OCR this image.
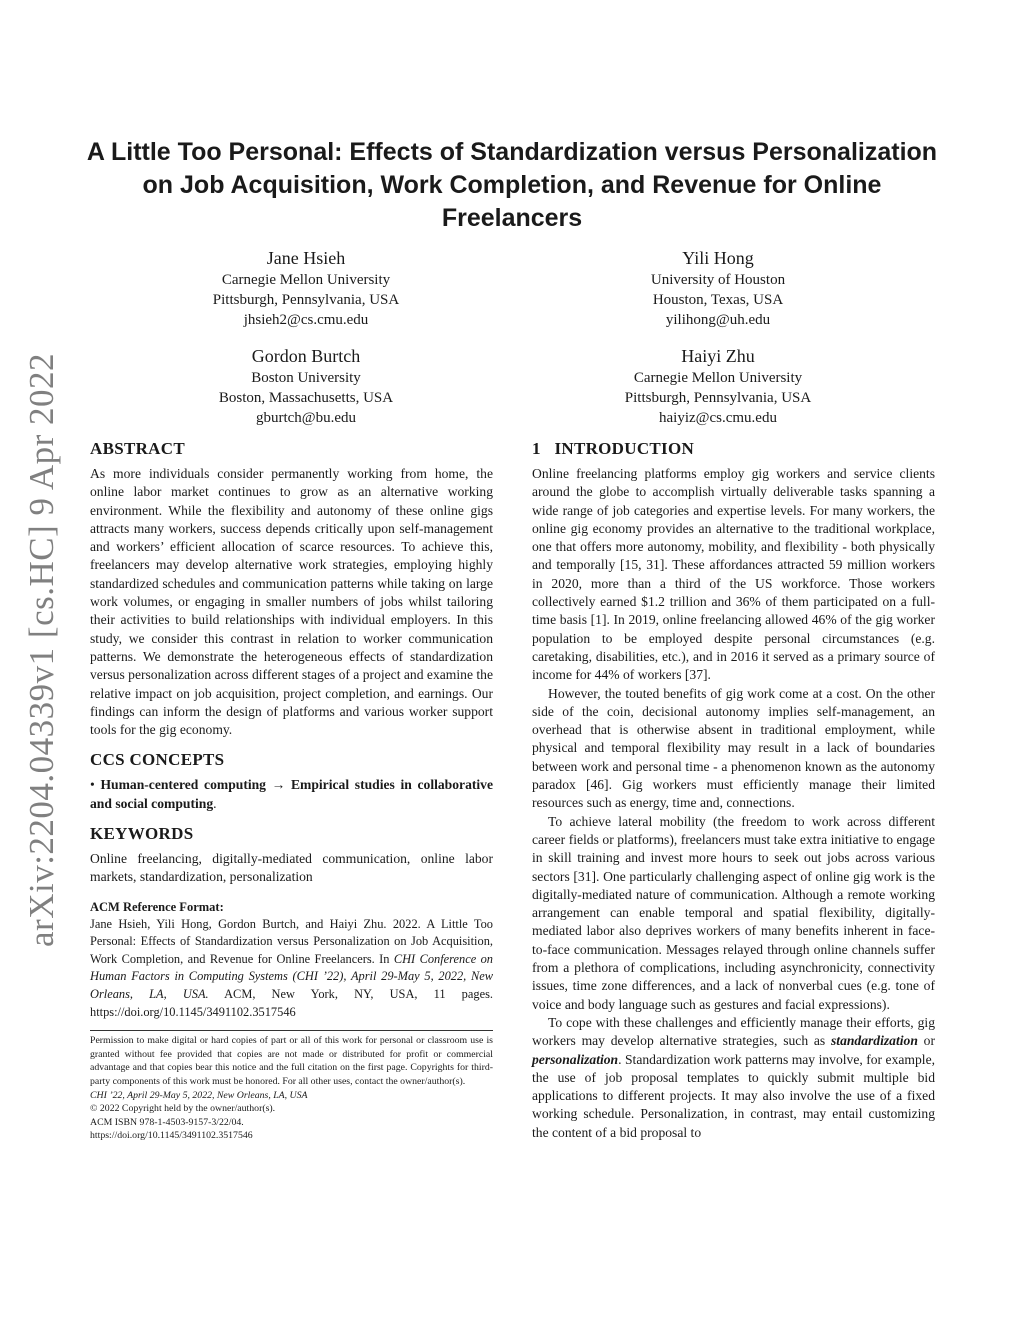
arXiv:2204.04339v1 [cs.HC] 9 Apr 2022
A Little Too Personal: Effects of Standardization versus Personalization on Job Acquisition, Work Completion, and Revenue for Online Freelancers
Jane Hsieh
Carnegie Mellon University
Pittsburgh, Pennsylvania, USA
jhsieh2@cs.cmu.edu
Yili Hong
University of Houston
Houston, Texas, USA
yilihong@uh.edu
Gordon Burtch
Boston University
Boston, Massachusetts, USA
gburtch@bu.edu
Haiyi Zhu
Carnegie Mellon University
Pittsburgh, Pennsylvania, USA
haiyiz@cs.cmu.edu
ABSTRACT

As more individuals consider permanently working from home, the online labor market continues to grow as an alternative working environment. While the flexibility and autonomy of these online gigs attracts many workers, success depends critically upon self-management and workers’ efficient allocation of scarce resources. To achieve this, freelancers may develop alternative work strategies, employing highly standardized schedules and communication patterns while taking on large work volumes, or engaging in smaller numbers of jobs whilst tailoring their activities to build relationships with individual employers. In this study, we consider this contrast in relation to worker communication patterns. We demonstrate the heterogeneous effects of standardization versus personalization across different stages of a project and examine the relative impact on job acquisition, project completion, and earnings. Our findings can inform the design of platforms and various worker support tools for the gig economy.

CCS CONCEPTS

• Human-centered computing → Empirical studies in collaborative and social computing.

KEYWORDS

Online freelancing, digitally-mediated communication, online labor markets, standardization, personalization

ACM Reference Format:
Jane Hsieh, Yili Hong, Gordon Burtch, and Haiyi Zhu. 2022. A Little Too Personal: Effects of Standardization versus Personalization on Job Acquisition, Work Completion, and Revenue for Online Freelancers. In CHI Conference on Human Factors in Computing Systems (CHI ’22), April 29-May 5, 2022, New Orleans, LA, USA. ACM, New York, NY, USA, 11 pages. https://doi.org/10.1145/3491102.3517546

Permission to make digital or hard copies of part or all of this work for personal or classroom use is granted without fee provided that copies are not made or distributed for profit or commercial advantage and that copies bear this notice and the full citation on the first page. Copyrights for third-party components of this work must be honored. For all other uses, contact the owner/author(s).

CHI ’22, April 29-May 5, 2022, New Orleans, LA, USA
© 2022 Copyright held by the owner/author(s).
ACM ISBN 978-1-4503-9157-3/22/04.
https://doi.org/10.1145/3491102.3517546
1   INTRODUCTION

Online freelancing platforms employ gig workers and service clients around the globe to accomplish virtually deliverable tasks spanning a wide range of job categories and expertise levels. For many workers, the online gig economy provides an alternative to the traditional workplace, one that offers more autonomy, mobility, and flexibility - both physically and temporally [15, 31]. These affordances attracted 59 million workers in 2020, more than a third of the US workforce. Those workers collectively earned $1.2 trillion and 36% of them participated on a full-time basis [1]. In 2019, online freelancing allowed 46% of the gig worker population to be employed despite personal circumstances (e.g. caretaking, disabilities, etc.), and in 2016 it served as a primary source of income for 44% of workers [37].

However, the touted benefits of gig work come at a cost. On the other side of the coin, decisional autonomy implies self-management, an overhead that is otherwise absent in traditional employment, while physical and temporal flexibility may result in a lack of boundaries between work and personal time - a phenomenon known as the autonomy paradox [46]. Gig workers must efficiently manage their limited resources such as energy, time and, connections.

To achieve lateral mobility (the freedom to work across different career fields or platforms), freelancers must take extra initiative to engage in skill training and invest more hours to seek out jobs across various sectors [31]. One particularly challenging aspect of online gig work is the digitally-mediated nature of communication. Although a remote working arrangement can enable temporal and spatial flexibility, digitally-mediated labor also deprives workers of many benefits inherent in face-to-face communication. Messages relayed through online channels suffer from a plethora of complications, including asynchronicity, connectivity issues, time zone differences, and a lack of nonverbal cues (e.g. tone of voice and body language such as gestures and facial expressions).

To cope with these challenges and efficiently manage their efforts, gig workers may develop alternative strategies, such as standardization or personalization. Standardization work patterns may involve, for example, the use of job proposal templates to quickly submit multiple bid applications to different projects. It may also involve the use of a fixed working schedule. Personalization, in contrast, may entail customizing the content of a bid proposal to
